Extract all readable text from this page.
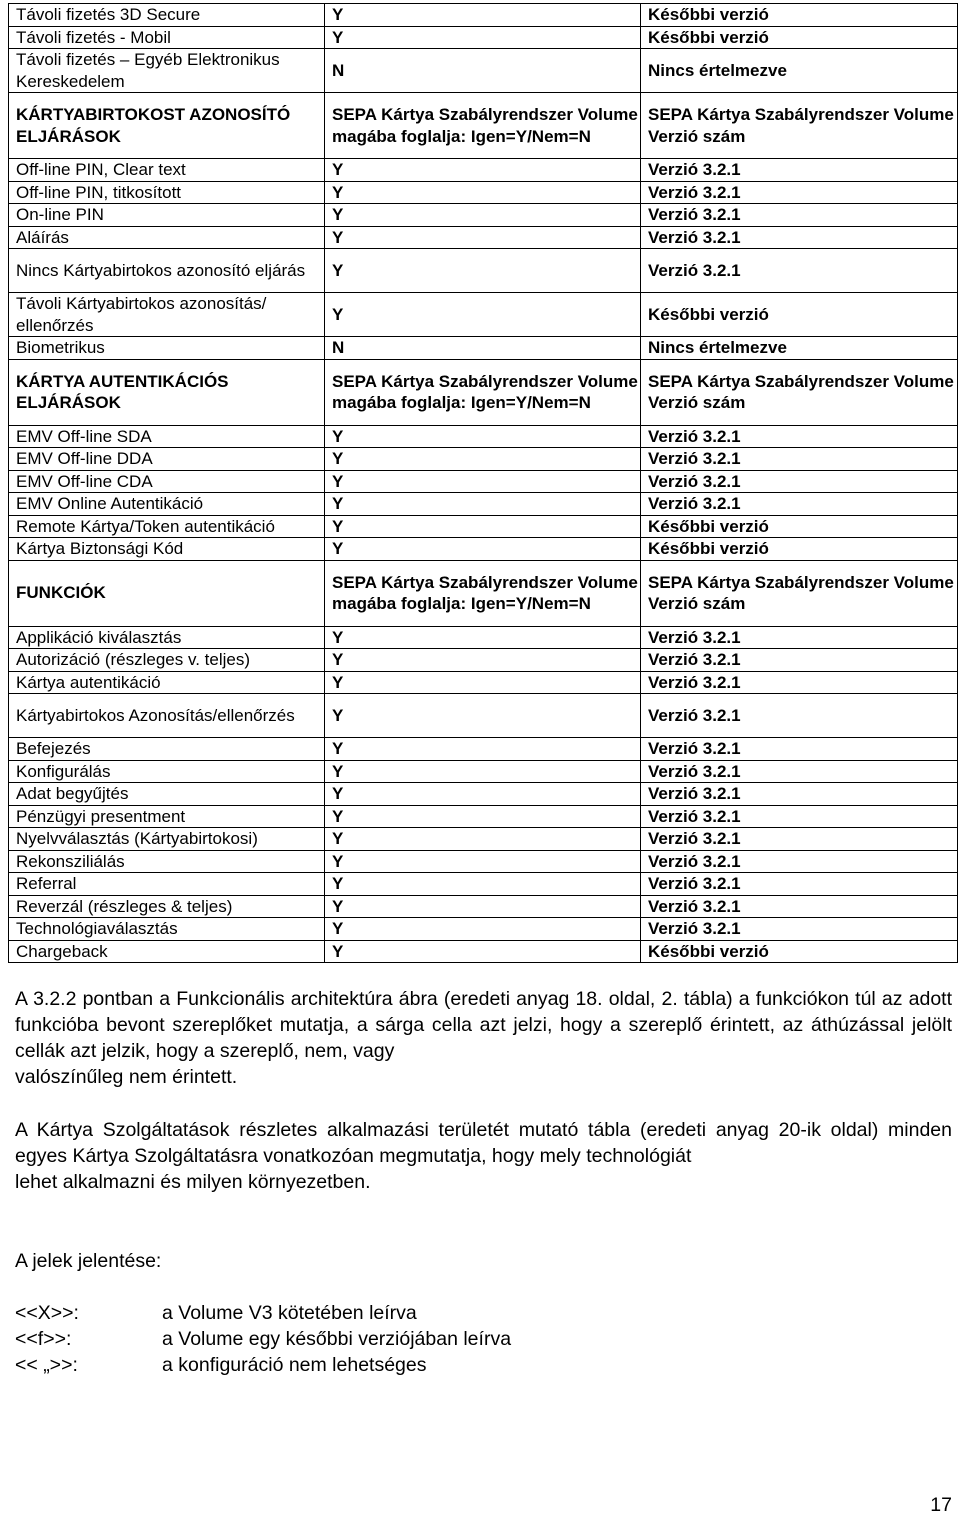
Távoli fizetés 3D Secure	Y	Későbbi verzió
Távoli fizetés - Mobil	Y	Későbbi verzió
Távoli fizetés – Egyéb Elektronikus Kereskedelem	N	Nincs értelmezve
KÁRTYABIRTOKOST AZONOSÍTÓ ELJÁRÁSOK	SEPA Kártya Szabályrendszer Volume magába foglalja: Igen=Y/Nem=N	SEPA Kártya Szabályrendszer Volume Verzió szám
Off-line PIN, Clear text	Y	Verzió 3.2.1
Off-line PIN, titkosított	Y	Verzió 3.2.1
On-line PIN	Y	Verzió 3.2.1
Aláírás	Y	Verzió 3.2.1
Nincs Kártyabirtokos azonosító eljárás	Y	Verzió 3.2.1
Távoli Kártyabirtokos azonosítás/ ellenőrzés	Y	Későbbi verzió
Biometrikus	N	Nincs értelmezve
KÁRTYA AUTENTIKÁCIÓS ELJÁRÁSOK	SEPA Kártya Szabályrendszer Volume magába foglalja: Igen=Y/Nem=N	SEPA Kártya Szabályrendszer Volume Verzió szám
EMV Off-line SDA	Y	Verzió 3.2.1
EMV Off-line DDA	Y	Verzió 3.2.1
EMV Off-line CDA	Y	Verzió 3.2.1
EMV Online Autentikáció	Y	Verzió 3.2.1
Remote Kártya/Token autentikáció	Y	Későbbi verzió
Kártya Biztonsági Kód	Y	Későbbi verzió
FUNKCIÓK	SEPA Kártya Szabályrendszer Volume magába foglalja: Igen=Y/Nem=N	SEPA Kártya Szabályrendszer Volume Verzió szám
Applikáció kiválasztás	Y	Verzió 3.2.1
Autorizáció (részleges v. teljes)	Y	Verzió 3.2.1
Kártya autentikáció	Y	Verzió 3.2.1
Kártyabirtokos Azonosítás/ellenőrzés	Y	Verzió 3.2.1
Befejezés	Y	Verzió 3.2.1
Konfigurálás	Y	Verzió 3.2.1
Adat begyűjtés	Y	Verzió 3.2.1
Pénzügyi presentment	Y	Verzió 3.2.1
Nyelvválasztás (Kártyabirtokosi)	Y	Verzió 3.2.1
Rekonsziliálás	Y	Verzió 3.2.1
Referral	Y	Verzió 3.2.1
Reverzál (részleges & teljes)	Y	Verzió 3.2.1
Technológiaválasztás	Y	Verzió 3.2.1
Chargeback	Y	Későbbi verzió
A 3.2.2 pontban a Funkcionális architektúra ábra (eredeti anyag 18. oldal, 2. tábla) a funkciókon túl az adott funkcióba bevont szereplőket mutatja, a sárga cella azt jelzi, hogy a szereplő érintett, az áthúzással jelölt cellák azt jelzik, hogy a szereplő, nem, vagy
valószínűleg nem érintett.
A Kártya Szolgáltatások részletes alkalmazási területét mutató tábla (eredeti anyag 20-ik oldal) minden egyes Kártya Szolgáltatásra vonatkozóan megmutatja, hogy mely technológiát
lehet alkalmazni és milyen környezetben.
A jelek jelentése:
<<X>>:	a Volume V3 kötetében leírva
<<f>>:	a Volume egy későbbi verziójában leírva
<< „>>:	a konfiguráció nem lehetséges
17
